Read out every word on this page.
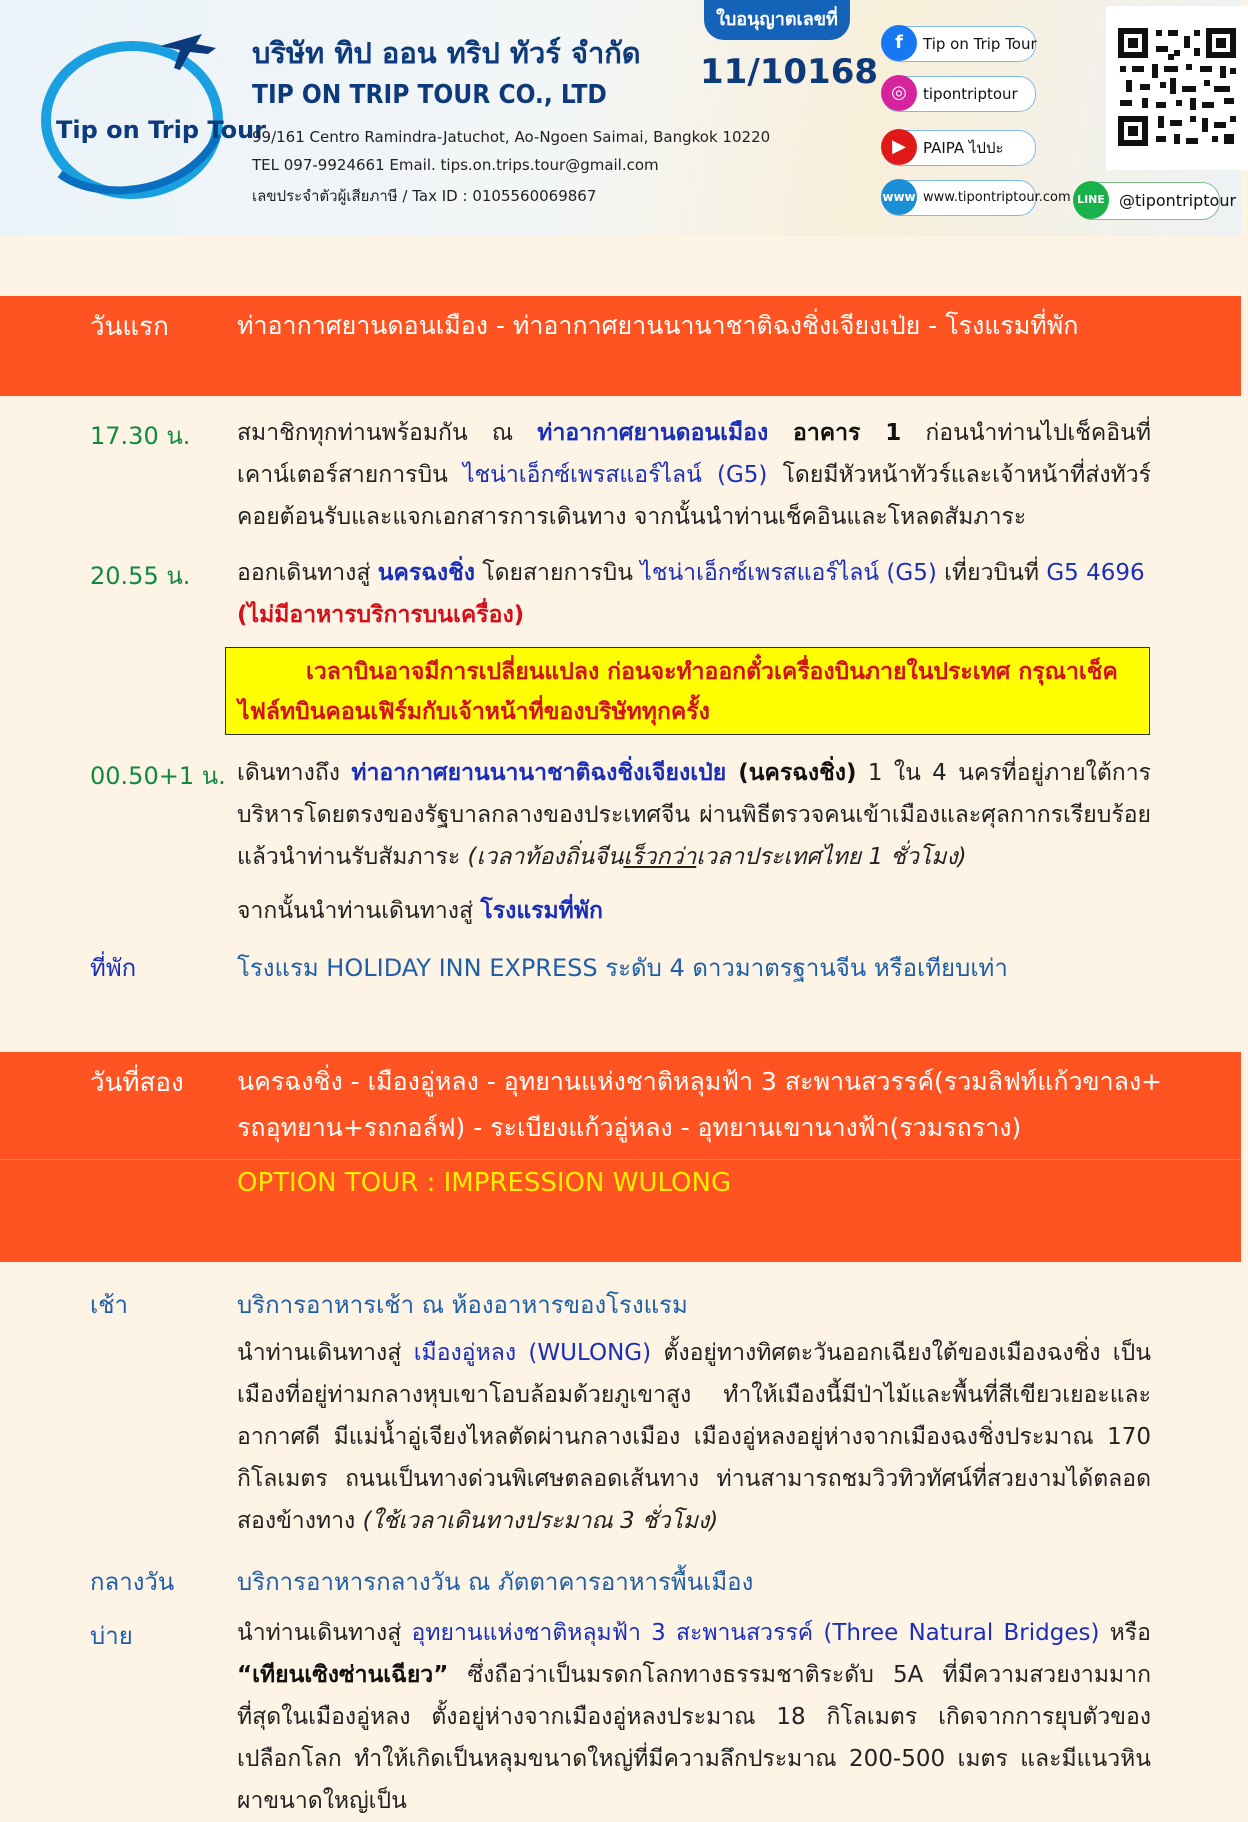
Tip on Trip Tour
บริษัท ทิป ออน ทริป ทัวร์ จำกัด
TIP ON TRIP TOUR CO., LTD
99/161 Centro Ramindra-Jatuchot, Ao-Ngoen Saimai, Bangkok 10220
TEL 097-9924661 Email. tips.on.trips.tour@gmail.com
เลขประจำตัวผู้เสียภาษี / Tax ID : 0105560069867
ใบอนุญาตเลขที่
11/10168
f	Tip on Trip Tour
◎	tipontriptour
▶	PAIPA ไปปะ
www www.tipontriptour.com LINE @tipontriptour
วันแรก	ท่าอากาศยานดอนเมือง - ท่าอากาศยานนานาชาติฉงชิ่งเจียงเป่ย - โรงแรมที่พัก
17.30 น. สมาชิกทุกท่านพร้อมกัน ณ ท่าอากาศยานดอนเมือง อาคาร 1 ก่อนนำท่านไปเช็คอินที่เคาน์เตอร์สายการบิน ไชน่าเอ็กซ์เพรสแอร์ไลน์ (G5) โดยมีหัวหน้าทัวร์และเจ้าหน้าที่ส่งทัวร์คอยต้อนรับและแจกเอกสารการเดินทาง จากนั้นนำท่านเช็คอินและโหลดสัมภาระ
20.55 น. ออกเดินทางสู่ นครฉงชิ่ง โดยสายการบิน ไชน่าเอ็กซ์เพรสแอร์ไลน์ (G5) เที่ยวบินที่ G5 4696
(ไม่มีอาหารบริการบนเครื่อง)
เวลาบินอาจมีการเปลี่ยนแปลง ก่อนจะทำออกตั๋วเครื่องบินภายในประเทศ กรุณาเช็คไฟล์ทบินคอนเฟิร์มกับเจ้าหน้าที่ของบริษัททุกครั้ง
00.50+1 น. เดินทางถึง ท่าอากาศยานนานาชาติฉงชิ่งเจียงเป่ย (นครฉงชิ่ง) 1 ใน 4 นครที่อยู่ภายใต้การบริหารโดยตรงของรัฐบาลกลางของประเทศจีน ผ่านพิธีตรวจคนเข้าเมืองและศุลกากรเรียบร้อยแล้วนำท่านรับสัมภาระ (เวลาท้องถิ่นจีนเร็วกว่าเวลาประเทศไทย 1 ชั่วโมง)
จากนั้นนำท่านเดินทางสู่ โรงแรมที่พัก
ที่พัก	โรงแรม HOLIDAY INN EXPRESS ระดับ 4 ดาวมาตรฐานจีน หรือเทียบเท่า
วันที่สอง นครฉงชิ่ง - เมืองอู่หลง - อุทยานแห่งชาติหลุมฟ้า 3 สะพานสวรรค์(รวมลิฟท์แก้วขาลง+
รถอุทยาน+รถกอล์ฟ) - ระเบียงแก้วอู่หลง - อุทยานเขานางฟ้า(รวมรถราง)
OPTION TOUR : IMPRESSION WULONG
เช้า	บริการอาหารเช้า ณ ห้องอาหารของโรงแรม
นำท่านเดินทางสู่ เมืองอู่หลง (WULONG) ตั้งอยู่ทางทิศตะวันออกเฉียงใต้ของเมืองฉงชิ่ง เป็นเมืองที่อยู่ท่ามกลางหุบเขาโอบล้อมด้วยภูเขาสูง ทำให้เมืองนี้มีป่าไม้และพื้นที่สีเขียวเยอะและอากาศดี มีแม่น้ำอู่เจียงไหลตัดผ่านกลางเมือง เมืองอู่หลงอยู่ห่างจากเมืองฉงชิ่งประมาณ 170 กิโลเมตร ถนนเป็นทางด่วนพิเศษตลอดเส้นทาง ท่านสามารถชมวิวทิวทัศน์ที่สวยงามได้ตลอดสองข้างทาง (ใช้เวลาเดินทางประมาณ 3 ชั่วโมง)
กลางวัน	บริการอาหารกลางวัน ณ ภัตตาคารอาหารพื้นเมือง
บ่าย	นำท่านเดินทางสู่ อุทยานแห่งชาติหลุมฟ้า 3 สะพานสวรรค์ (Three Natural Bridges) หรือ “เทียนเซิงซ่านเฉียว” ซึ่งถือว่าเป็นมรดกโลกทางธรรมชาติระดับ 5A ที่มีความสวยงามมากที่สุดในเมืองอู่หลง ตั้งอยู่ห่างจากเมืองอู่หลงประมาณ 18 กิโลเมตร เกิดจากการยุบตัวของเปลือกโลก ทำให้เกิดเป็นหลุมขนาดใหญ่ที่มีความลึกประมาณ 200-500 เมตร และมีแนวหินผาขนาดใหญ่เป็น
